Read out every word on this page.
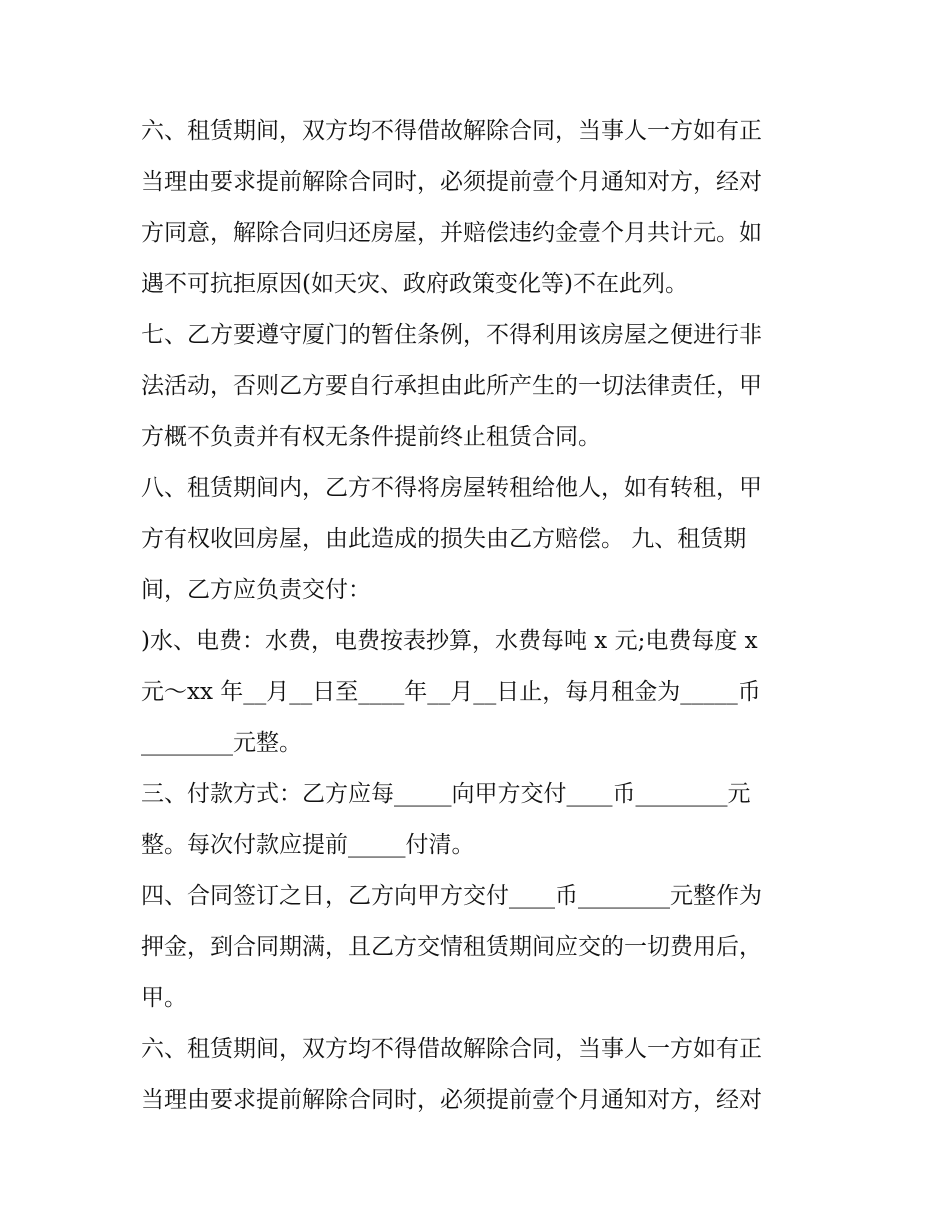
六、租赁期间，双方均不得借故解除合同，当事人一方如有正
当理由要求提前解除合同时，必须提前壹个月通知对方，经对
方同意，解除合同归还房屋，并赔偿违约金壹个月共计元。如
遇不可抗拒原因(如天灾、政府政策变化等)不在此列。
七、乙方要遵守厦门的暂住条例，不得利用该房屋之便进行非
法活动，否则乙方要自行承担由此所产生的一切法律责任，甲
方概不负责并有权无条件提前终止租赁合同。
八、租赁期间内，乙方不得将房屋转租给他人，如有转租，甲
方有权收回房屋，由此造成的损失由乙方赔偿。 九、租赁期
间，乙方应负责交付：
)水、电费：水费，电费按表抄算，水费每吨 x 元;电费每度 x
元～xx 年__月__日至____年__月__日止，每月租金为_____币
________元整。
三、付款方式：乙方应每_____向甲方交付____币________元
整。每次付款应提前_____付清。
四、合同签订之日，乙方向甲方交付____币________元整作为
押金，到合同期满，且乙方交情租赁期间应交的一切费用后，
甲。
六、租赁期间，双方均不得借故解除合同，当事人一方如有正
当理由要求提前解除合同时，必须提前壹个月通知对方，经对
